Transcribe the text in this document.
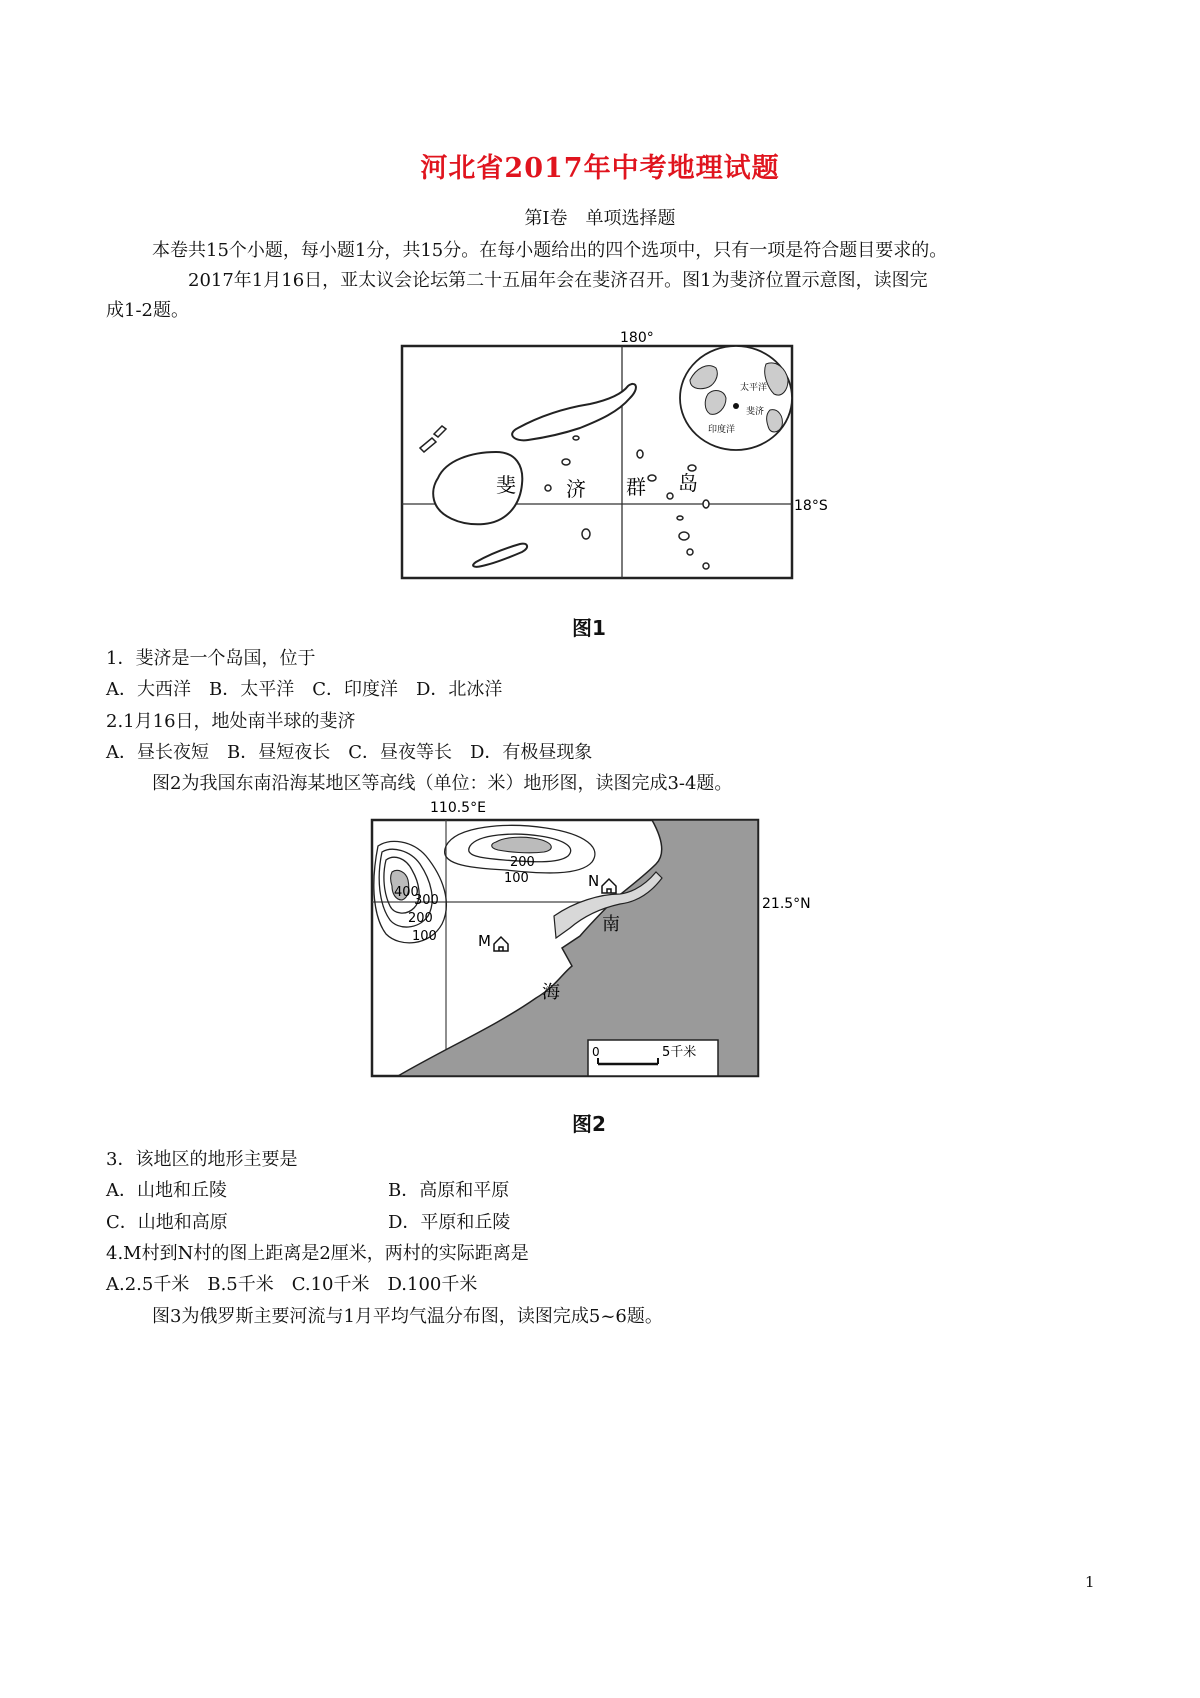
河北省2017年中考地理试题
第Ⅰ卷　单项选择题
本卷共15个小题，每小题1分，共15分。在每小题给出的四个选项中，只有一项是符合题目要求的。
2017年1月16日，亚太议会论坛第二十五届年会在斐济召开。图1为斐济位置示意图，读图完
成1-2题。
180°
18°S
斐	济 群 岛
太平洋
印度洋
斐济
图1
1．斐济是一个岛国，位于
A．大西洋　B．太平洋　C．印度洋　D．北冰洋
2.1月16日，地处南半球的斐济
A．昼长夜短　B．昼短夜长　C．昼夜等长　D．有极昼现象
图2为我国东南沿海某地区等高线（单位：米）地形图，读图完成3-4题。
110.5°E
21.5°N
200
100
400
300
200
100
N
M
南
海
0	5千米
图2
3．该地区的地形主要是
A．山地和丘陵	B．高原和平原
C．山地和高原	D．平原和丘陵
4.M村到N村的图上距离是2厘米，两村的实际距离是
A.2.5千米　B.5千米　C.10千米　D.100千米
图3为俄罗斯主要河流与1月平均气温分布图，读图完成5~6题。
1
